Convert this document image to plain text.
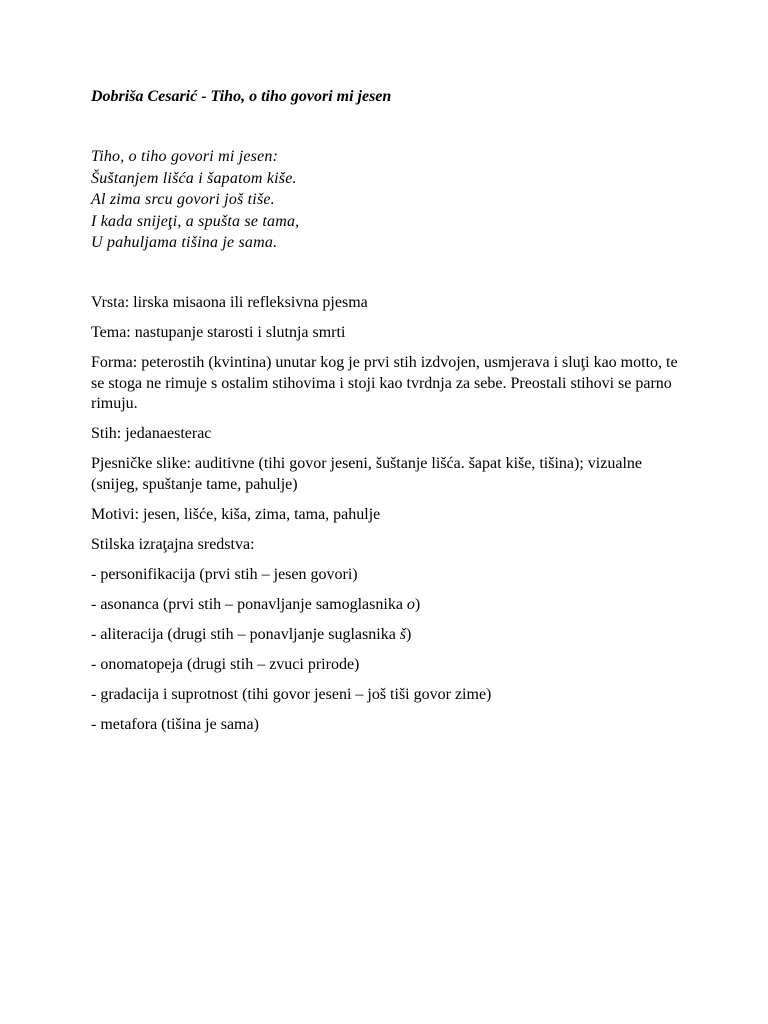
Dobriša Cesarić - Tiho, o tiho govori mi jesen
Tiho, o tiho govori mi jesen:
Šuštanjem lišća i šapatom kiše.
Al zima srcu govori još tiše.
I kada snijeţi, a spušta se tama,
U pahuljama tišina je sama.

Vrsta: lirska misaona ili refleksivna pjesma

Tema: nastupanje starosti i slutnja smrti

Forma: peterostih (kvintina) unutar kog je prvi stih izdvojen, usmjerava i sluţi kao motto, te se stoga ne rimuje s ostalim stihovima i stoji kao tvrdnja za sebe. Preostali stihovi se parno rimuju.

Stih: jedanaesterac

Pjesničke slike: auditivne (tihi govor jeseni, šuštanje lišća. šapat kiše, tišina); vizualne (snijeg, spuštanje tame, pahulje)

Motivi: jesen, lišće, kiša, zima, tama, pahulje

Stilska izraţajna sredstva:

- personifikacija (prvi stih – jesen govori)

- asonanca (prvi stih – ponavljanje samoglasnika o)

- aliteracija (drugi stih – ponavljanje suglasnika š)

- onomatopeja (drugi stih – zvuci prirode)

- gradacija i suprotnost (tihi govor jeseni – još tiši govor zime)

- metafora (tišina je sama)
